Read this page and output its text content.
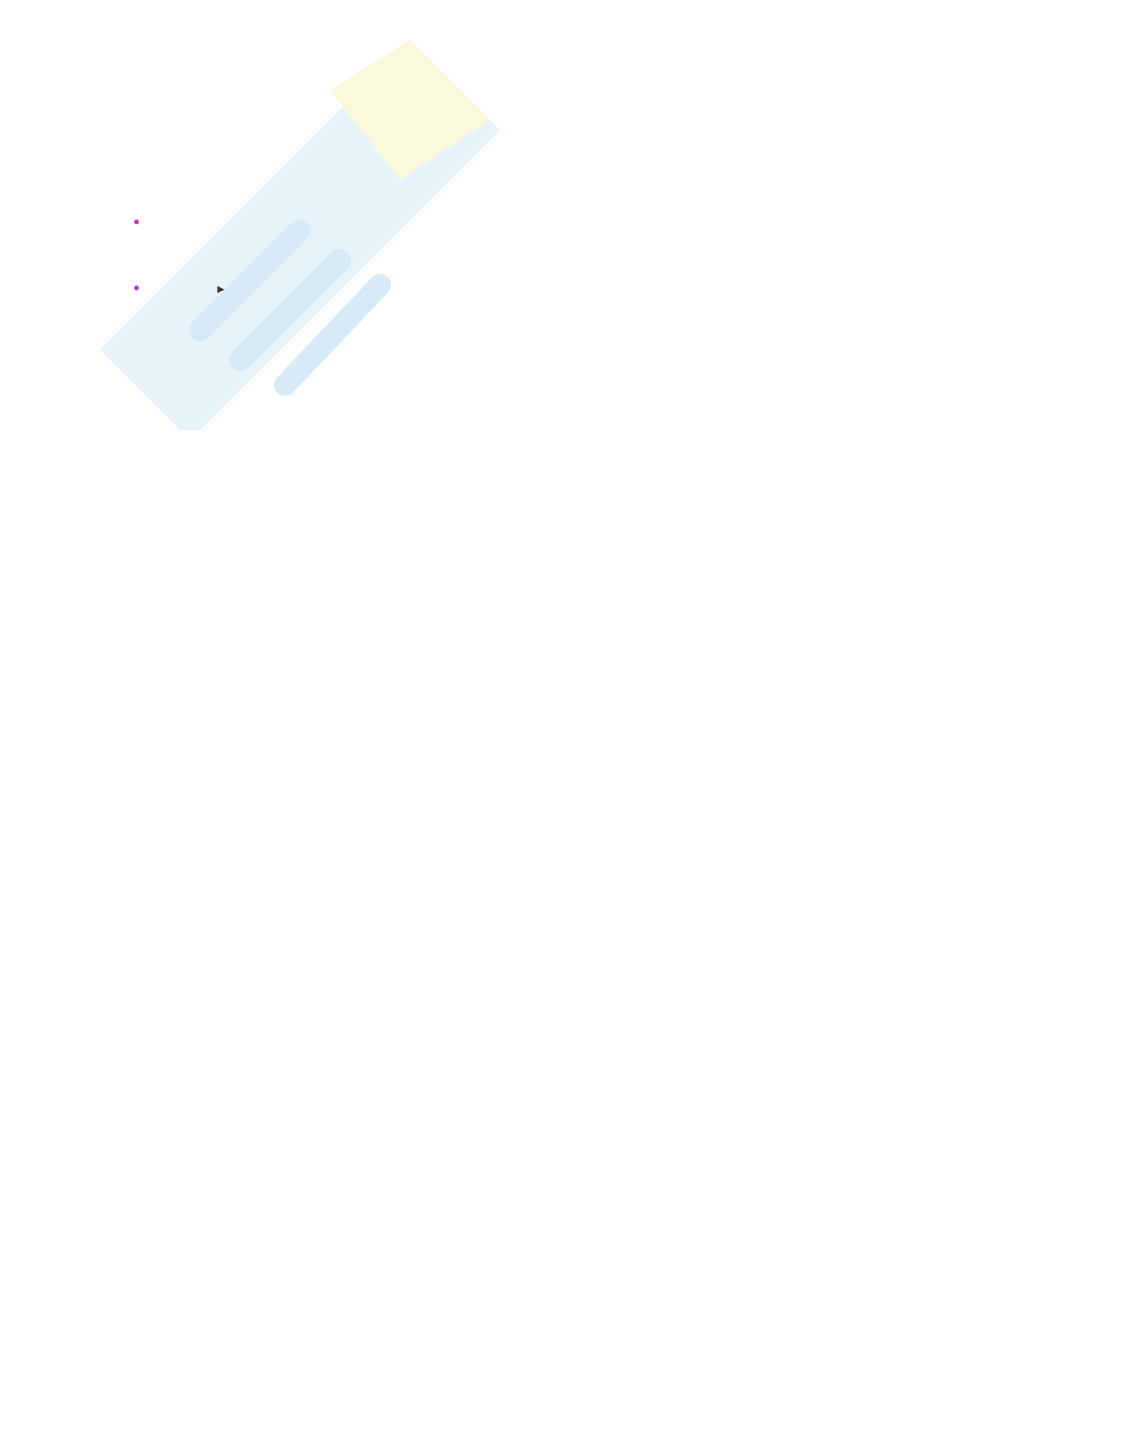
•

•	►
